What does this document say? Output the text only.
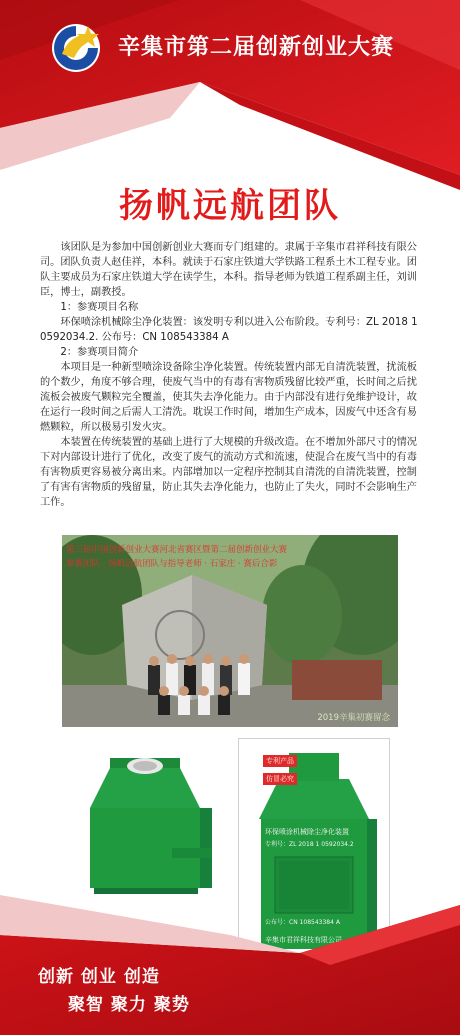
辛集市第二届创新创业大赛
扬帆远航团队

该团队是为参加中国创新创业大赛而专门组建的。隶属于辛集市君祥科技有限公司。团队负责人赵佳祥，本科。就读于石家庄铁道大学铁路工程系土木工程专业。团队主要成员为石家庄铁道大学在读学生，本科。指导老师为铁道工程系副主任，刘训臣，博士，副教授。

1：参赛项目名称

环保喷涂机械除尘净化装置：该发明专利以进入公布阶段。专利号：ZL 2018 1 0592034.2. 公布号：CN 108543384 A

2：参赛项目简介

本项目是一种新型喷涂设备除尘净化装置。传统装置内部无自清洗装置，扰流板的个数少，角度不够合理，使废气当中的有毒有害物质残留比较严重，长时间之后扰流板会被废气颗粒完全覆盖，使其失去净化能力。由于内部没有进行免维护设计，故在运行一段时间之后需人工清洗。耽误工作时间，增加生产成本，因废气中还含有易燃颗粒，所以极易引发火灾。

本装置在传统装置的基础上进行了大规模的升级改造。在不增加外部尺寸的情况下对内部设计进行了优化，改变了废气的流动方式和流速，使混合在废气当中的有毒有害物质更容易被分离出来。内部增加以一定程序控制其自清洗的自清洗装置，控制了有害有害物质的残留量，防止其失去净化能力，也防止了失火，同时不会影响生产工作。

第三届中国创新创业大赛河北省赛区暨第二届创新创业大赛
参赛团队 · 扬帆远航团队与指导老师 · 石家庄 · 赛后合影
2019辛集初赛留念
专利产品
仿冒必究
环保喷涂机械除尘净化装置
专利号：ZL 2018 1 0592034.2
公布号：CN 108543384 A
辛集市君祥科技有限公司
创新 创业 创造
聚智 聚力 聚势
